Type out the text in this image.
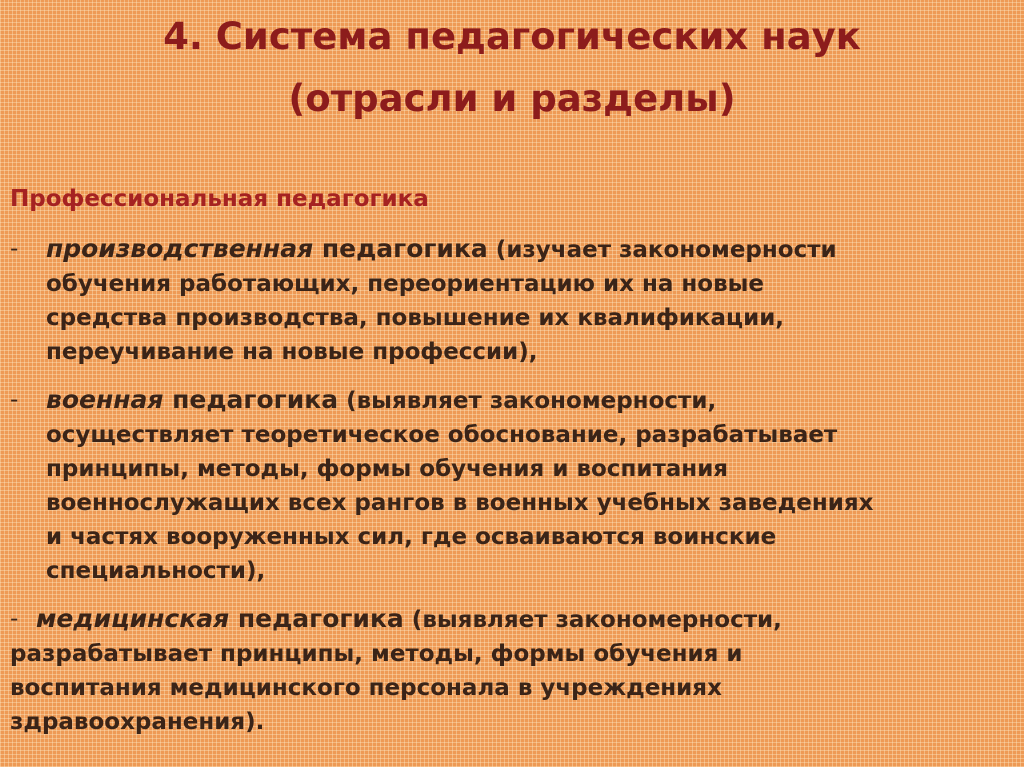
4. Система педагогических наук
(отрасли и разделы)
Профессиональная педагогика
-	производственная педагогика (изучает закономерности
обучения работающих, переориентацию их на новые
средства производства, повышение их квалификации,
переучивание на новые профессии),
-	военная педагогика (выявляет закономерности,
осуществляет теоретическое обоснование, разрабатывает
принципы, методы, формы обучения и воспитания
военнослужащих всех рангов в военных учебных заведениях
и частях вооруженных сил, где осваиваются воинские
специальности),
- медицинская педагогика (выявляет закономерности,
разрабатывает принципы, методы, формы обучения и
воспитания медицинского персонала в учреждениях
здравоохранения).
